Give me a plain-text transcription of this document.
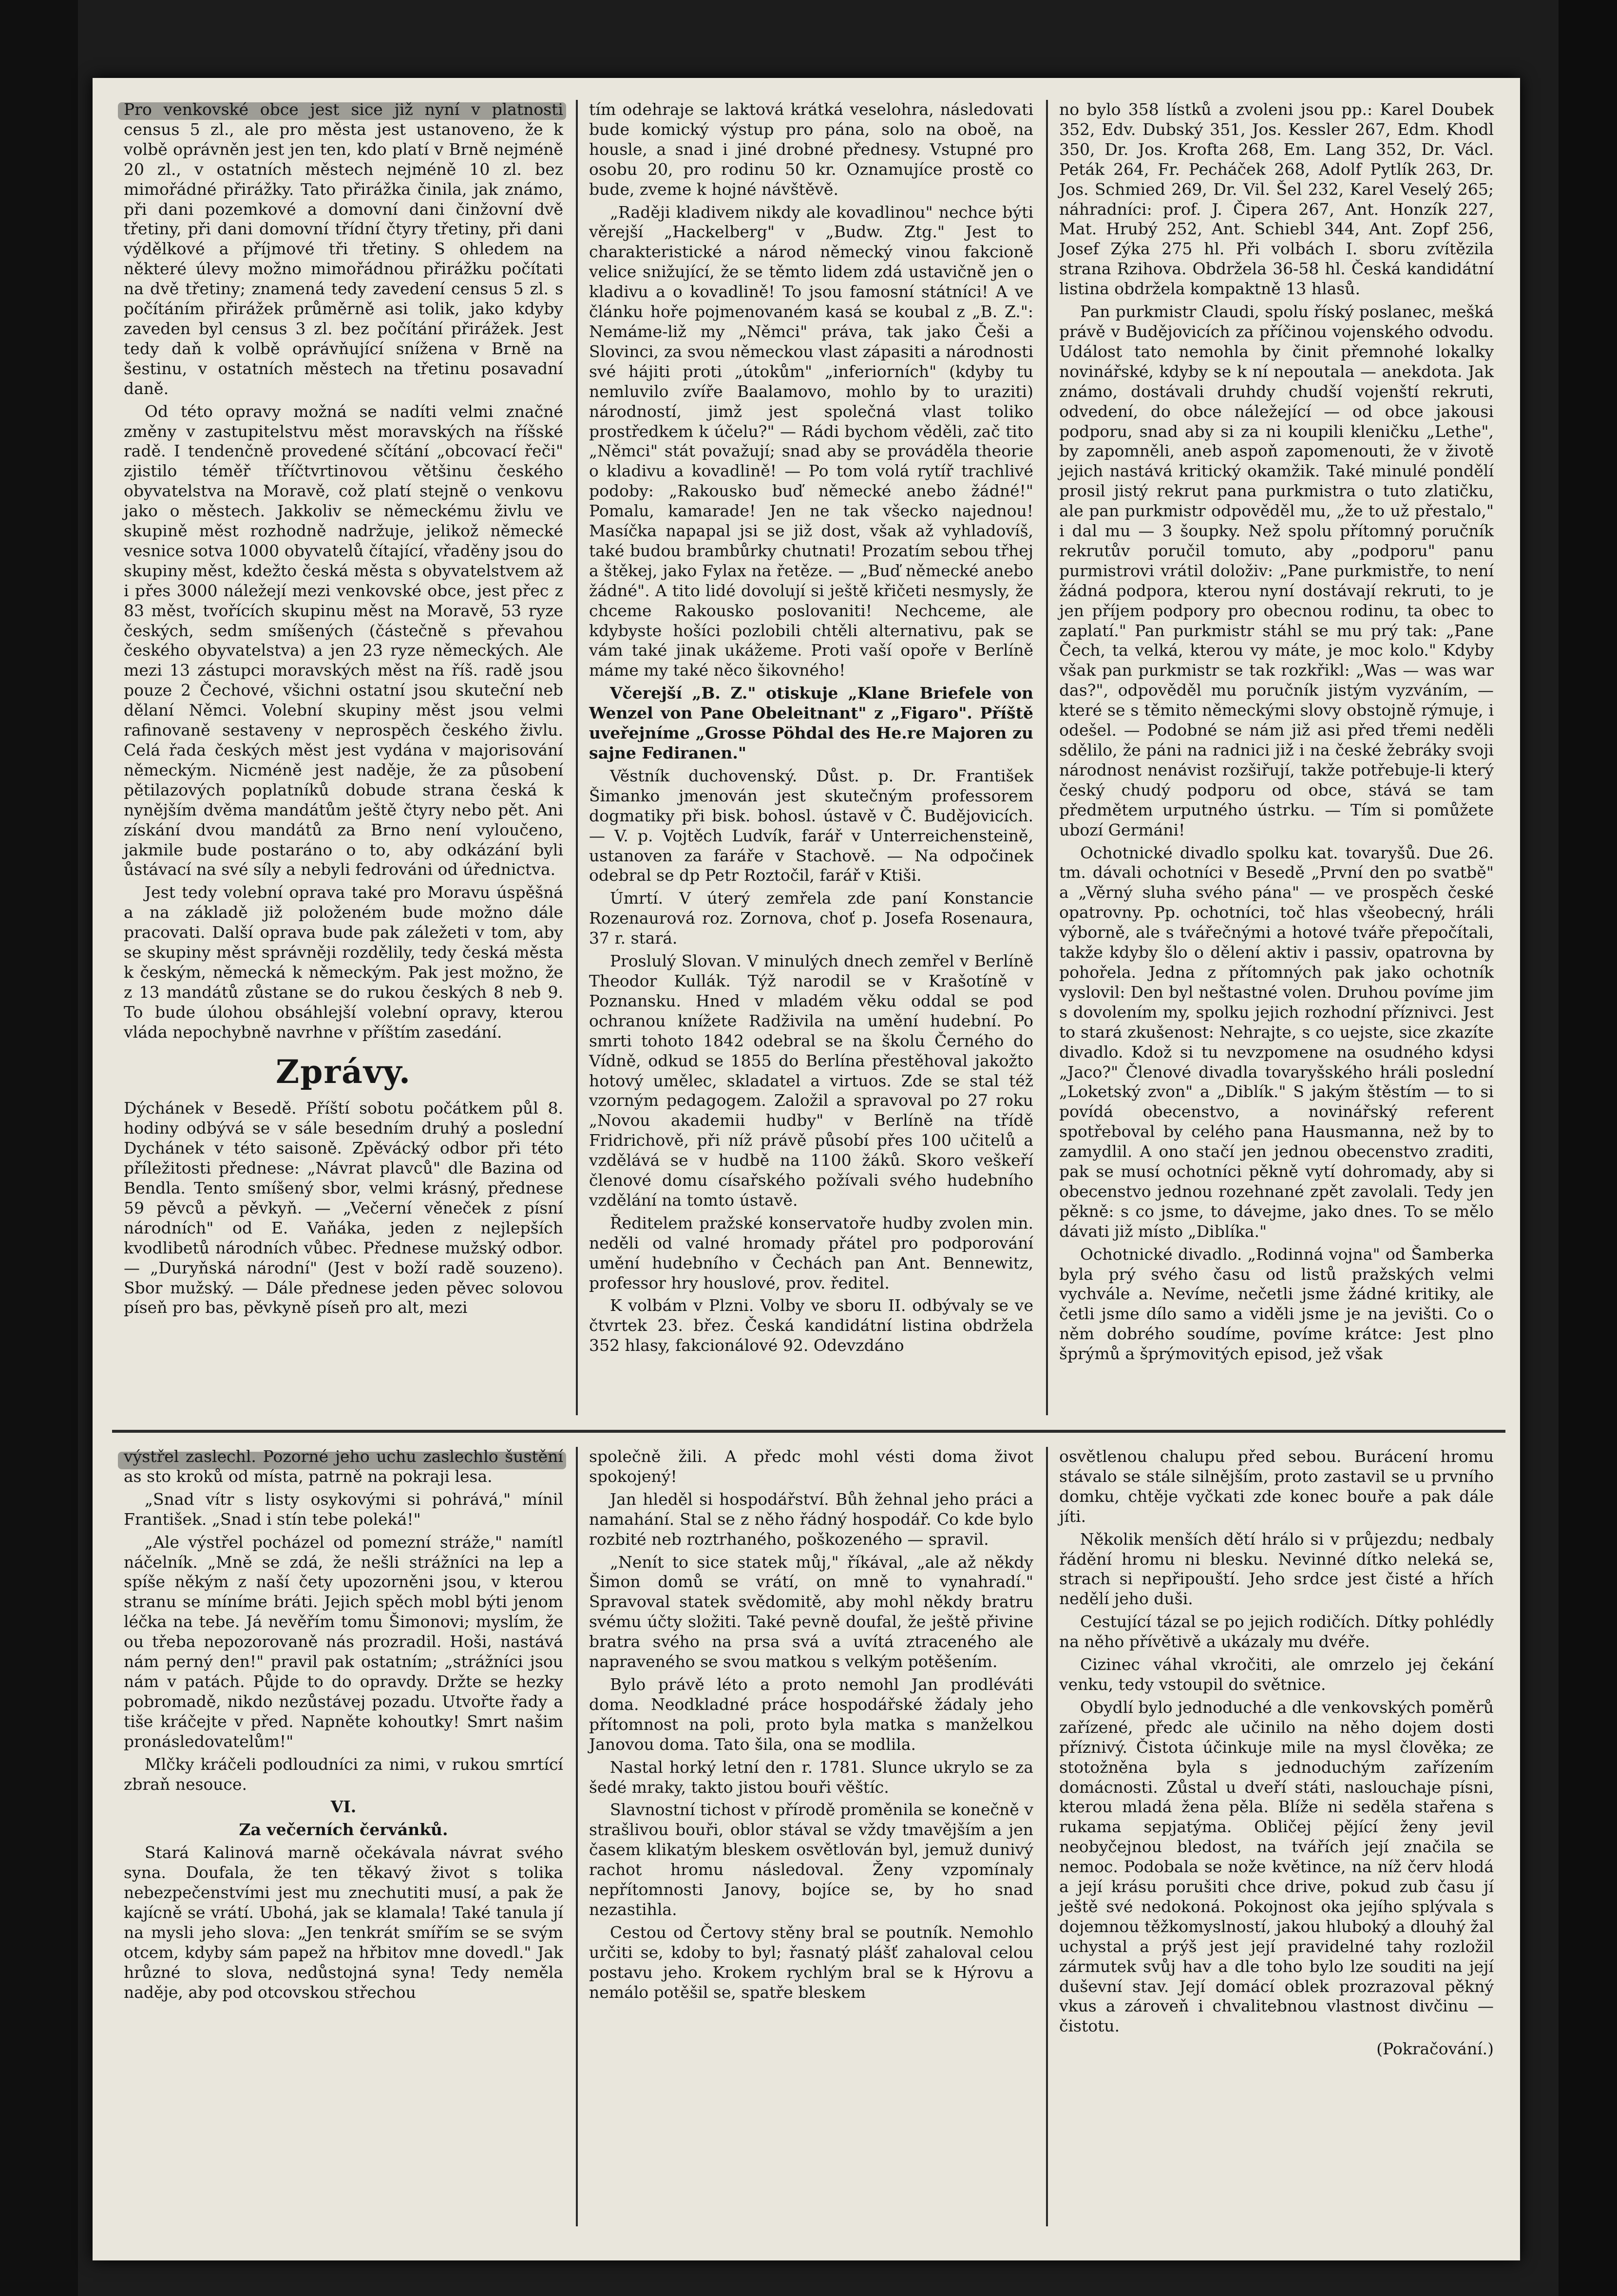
Pro venkovské obce jest sice již nyní v platnosti census 5 zl., ale pro města jest ustanoveno, že k volbě oprávněn jest jen ten, kdo platí v Brně nejméně 20 zl., v ostatních městech nejméně 10 zl. bez mimořádné přirážky. Tato přirážka činila, jak známo, při dani pozemkové a domovní dani činžovní dvě třetiny, při dani domovní třídní čtyry třetiny, při dani výdělkové a příjmové tři třetiny. S ohledem na některé úlevy možno mimořádnou přirážku počítati na dvě třetiny; znamená tedy zavedení census 5 zl. s počítáním přirážek průměrně asi tolik, jako kdyby zaveden byl census 3 zl. bez počítání přirážek. Jest tedy daň k volbě oprávňující snížena v Brně na šestinu, v ostatních městech na třetinu posavadní daně.

Od této opravy možná se nadíti velmi značné změny v zastupitelstvu měst moravských na říšské radě. I tendenčně provedené sčítání „obcovací řeči" zjistilo téměř tříčtvrtinovou většinu českého obyvatelstva na Moravě, což platí stejně o venkovu jako o městech. Jakkoliv se německému živlu ve skupině měst rozhodně nadržuje, jelikož německé vesnice sotva 1000 obyvatelů čítající, vřaděny jsou do skupiny měst, kdežto česká města s obyvatelstvem až i přes 3000 náležejí mezi venkovské obce, jest přec z 83 měst, tvořících skupinu měst na Moravě, 53 ryze českých, sedm smíšených (částečně s převahou českého obyvatelstva) a jen 23 ryze německých. Ale mezi 13 zástupci moravských měst na říš. radě jsou pouze 2 Čechové, všichni ostatní jsou skuteční neb dělaní Němci. Volební skupiny měst jsou velmi rafinovaně sestaveny v neprospěch českého živlu. Celá řada českých měst jest vydána v majorisování německým. Nicméně jest naděje, že za působení pětilazových poplatníků dobude strana česká k nynějším dvěma mandátům ještě čtyry nebo pět. Ani získání dvou mandátů za Brno není vyloučeno, jakmile bude postaráno o to, aby odkázání byli ůstávací na své síly a nebyli fedrováni od úřednictva.

Jest tedy volební oprava také pro Moravu úspěšná a na základě již položeném bude možno dále pracovati. Další oprava bude pak záležeti v tom, aby se skupiny měst správněji rozdělily, tedy česká města k českým, německá k německým. Pak jest možno, že z 13 mandátů zůstane se do rukou českých 8 neb 9. To bude úlohou obsáhlejší volební opravy, kterou vláda nepochybně navrhne v příštím zasedání.

Zprávy.

Dýchánek v Besedě. Příští sobotu počátkem půl 8. hodiny odbývá se v sále besedním druhý a poslední Dychánek v této saisoně. Zpěvácký odbor při této příležitosti přednese: „Návrat plavců" dle Bazina od Bendla. Tento smíšený sbor, velmi krásný, přednese 59 pěvců a pěvkyň. — „Večerní věneček z písní národních" od E. Vaňáka, jeden z nejlepších kvodlibetů národních vůbec. Přednese mužský odbor. — „Duryňská národní" (Jest v boží radě souzeno). Sbor mužský. — Dále přednese jeden pěvec solovou píseň pro bas, pěvkyně píseň pro alt, mezi

tím odehraje se laktová krátká veselohra, následovati bude komický výstup pro pána, solo na oboě, na housle, a snad i jiné drobné přednesy. Vstupné pro osobu 20, pro rodinu 50 kr. Oznamujíce prostě co bude, zveme k hojné návštěvě.

„Raději kladivem nikdy ale kovadlinou" nechce býti věrejší „Hackelberg" v „Budw. Ztg." Jest to charakteristické a národ německý vinou fakcioně velice snižující, že se těmto lidem zdá ustavičně jen o kladivu a o kovadlině! To jsou famosní státníci! A ve článku hoře pojmenovaném kasá se koubal z „B. Z.": Nemáme-liž my „Němci" práva, tak jako Češi a Slovinci, za svou německou vlast zápasiti a národnosti své hájiti proti „útokům" „inferiorních" (kdyby tu nemluvilo zvíře Baalamovo, mohlo by to uraziti) národností, jimž jest společná vlast toliko prostředkem k účelu?" — Rádi bychom věděli, zač tito „Němci" stát považují; snad aby se prováděla theorie o kladivu a kovadlině! — Po tom volá rytíř trachlivé podoby: „Rakousko buď německé anebo žádné!" Pomalu, kamarade! Jen ne tak všecko najednou! Masíčka napapal jsi se již dost, však až vyhladovíš, také budou brambůrky chutnati! Prozatím sebou třhej a štěkej, jako Fylax na řetěze. — „Buď německé anebo žádné". A tito lidé dovolují si ještě křičeti nesmysly, že chceme Rakousko poslovaniti! Nechceme, ale kdybyste hošíci pozlobili chtěli alternativu, pak se vám také jinak ukážeme. Proti vaší opoře v Berlíně máme my také něco šikovného!

Včerejší „B. Z." otiskuje „Klane Briefele von Wenzel von Pane Obeleitnant" z „Figaro". Příště uveřejníme „Grosse Pöhdal des He.re Majoren zu sajne Fediranen."

Věstník duchovenský. Důst. p. Dr. František Šimanko jmenován jest skutečným professorem dogmatiky při bisk. bohosl. ústavě v Č. Budějovicích. — V. p. Vojtěch Ludvík, farář v Unterreichensteině, ustanoven za faráře v Stachově. — Na odpočinek odebral se dp Petr Roztočil, farář v Ktiši.

Úmrtí. V úterý zemřela zde paní Konstancie Rozenaurová roz. Zornova, choť p. Josefa Rosenaura, 37 r. stará.

Proslulý Slovan. V minulých dnech zemřel v Berlíně Theodor Kullák. Týž narodil se v Krašotíně v Poznansku. Hned v mladém věku oddal se pod ochranou knížete Radživila na umění hudební. Po smrti tohoto 1842 odebral se na školu Černého do Vídně, odkud se 1855 do Berlína přestěhoval jakožto hotový umělec, skladatel a virtuos. Zde se stal též vzorným pedagogem. Založil a spravoval po 27 roku „Novou akademii hudby" v Berlíně na třídě Fridrichově, při níž právě působí přes 100 učitelů a vzdělává se v hudbě na 1100 žáků. Skoro veškeří členové domu císařského požívali svého hudebního vzdělání na tomto ústavě.

Ředitelem pražské konservatoře hudby zvolen min. neděli od valné hromady přátel pro podporování umění hudebního v Čechách pan Ant. Bennewitz, professor hry houslové, prov. ředitel.

K volbám v Plzni. Volby ve sboru II. odbývaly se ve čtvrtek 23. břez. Česká kandidátní listina obdržela 352 hlasy, fakcionálové 92. Odevzdáno

no bylo 358 lístků a zvoleni jsou pp.: Karel Doubek 352, Edv. Dubský 351, Jos. Kessler 267, Edm. Khodl 350, Dr. Jos. Krofta 268, Em. Lang 352, Dr. Václ. Peták 264, Fr. Pecháček 268, Adolf Pytlík 263, Dr. Jos. Schmied 269, Dr. Vil. Šel 232, Karel Veselý 265; náhradníci: prof. J. Čipera 267, Ant. Honzík 227, Mat. Hrubý 252, Ant. Schiebl 344, Ant. Zopf 256, Josef Zýka 275 hl. Při volbách I. sboru zvítězila strana Rzihova. Obdržela 36-58 hl. Česká kandidátní listina obdržela kompaktně 13 hlasů.

Pan purkmistr Claudi, spolu říský poslanec, mešká právě v Budějovicích za příčinou vojenského odvodu. Událost tato nemohla by činit přemnohé lokalky novinářské, kdyby se k ní nepoutala — anekdota. Jak známo, dostávali druhdy chudší vojenští rekruti, odvedení, do obce náležející — od obce jakousi podporu, snad aby si za ni koupili kleničku „Lethe", by zapomněli, aneb aspoň zapomenouti, že v životě jejich nastává kritický okamžik. Také minulé pondělí prosil jistý rekrut pana purkmistra o tuto zlatičku, ale pan purkmistr odpověděl mu, „že to už přestalo," i dal mu — 3 šoupky. Než spolu přítomný poručník rekrutův poručil tomuto, aby „podporu" panu purmistrovi vrátil doloživ: „Pane purkmistře, to není žádná podpora, kterou nyní dostávají rekruti, to je jen příjem podpory pro obecnou rodinu, ta obec to zaplatí." Pan purkmistr stáhl se mu prý tak: „Pane Čech, ta velká, kterou vy máte, je moc kolo." Kdyby však pan purkmistr se tak rozkřikl: „Was — was war das?", odpověděl mu poručník jistým vyzváním, — které se s těmito německými slovy obstojně rýmuje, i odešel. — Podobné se nám již asi před třemi neděli sdělilo, že páni na radnici již i na české žebráky svoji národnost nenávist rozšiřují, takže potřebuje-li který český chudý podporu od obce, stává se tam předmětem urputného ústrku. — Tím si pomůžete ubozí Germáni!

Ochotnické divadlo spolku kat. tovaryšů. Due 26. tm. dávali ochotníci v Besedě „První den po svatbě" a „Věrný sluha svého pána" — ve prospěch české opatrovny. Pp. ochotníci, toč hlas všeobecný, hráli výborně, ale s tvářečnými a hotové tváře přepočítali, takže kdyby šlo o dělení aktiv i passiv, opatrovna by pohořela. Jedna z přítomných pak jako ochotník vyslovil: Den byl neštastné volen. Druhou povíme jim s dovolením my, spolku jejich rozhodní příznivci. Jest to stará zkušenost: Nehrajte, s co uejste, sice zkazíte divadlo. Kdož si tu nevzpomene na osudného kdysi „Jaco?" Členové divadla tovaryšského hráli poslední „Loketský zvon" a „Diblík." S jakým štěstím — to si povídá obecenstvo, a novinářský referent spotřeboval by celého pana Hausmanna, než by to zamydlil. A ono stačí jen jednou obecenstvo zraditi, pak se musí ochotníci pěkně vytí dohromady, aby si obecenstvo jednou rozehnané zpět zavolali. Tedy jen pěkně: s co jsme, to dávejme, jako dnes. To se mělo dávati již místo „Diblíka."

Ochotnické divadlo. „Rodinná vojna" od Šamberka byla prý svého času od listů pražských velmi vychvále a. Nevíme, nečetli jsme žádné kritiky, ale četli jsme dílo samo a viděli jsme je na jevišti. Co o něm dobrého soudíme, povíme krátce: Jest plno šprýmů a šprýmovitých episod, jež však

výstřel zaslechl. Pozorné jeho uchu zaslechlo šustění as sto kroků od místa, patrně na pokraji lesa.

„Snad vítr s listy osykovými si pohrává," mínil František. „Snad i stín tebe poleká!"

„Ale výstřel pocházel od pomezní stráže," namítl náčelník. „Mně se zdá, že nešli strážníci na lep a spíše někým z naší čety upozorněni jsou, v kterou stranu se míníme bráti. Jejich spěch mobl býti jenom léčka na tebe. Já nevěřím tomu Šimonovi; myslím, že ou třeba nepozorovaně nás prozradil. Hoši, nastává nám perný den!" pravil pak ostatním; „strážníci jsou nám v patách. Půjde to do opravdy. Držte se hezky pobromadě, nikdo nezůstávej pozadu. Utvořte řady a tiše kráčejte v před. Napněte kohoutky! Smrt našim pronásledovatelům!"

Mlčky kráčeli podloudníci za nimi, v rukou smrtící zbraň nesouce.

VI.

Za večerních červánků.

Stará Kalinová marně očekávala návrat svého syna. Doufala, že ten těkavý život s tolika nebezpečenstvími jest mu znechutiti musí, a pak že kajícně se vrátí. Ubohá, jak se klamala! Také tanula jí na mysli jeho slova: „Jen tenkrát smířím se se svým otcem, kdyby sám papež na hřbitov mne dovedl." Jak hrůzné to slova, nedůstojná syna! Tedy neměla naděje, aby pod otcovskou střechou

společně žili. A předc mohl vésti doma život spokojený!

Jan hleděl si hospodářství. Bůh žehnal jeho práci a namahání. Stal se z něho řádný hospodář. Co kde bylo rozbité neb roztrhaného, poškozeného — spravil.

„Nenít to sice statek můj," říkával, „ale až někdy Šimon domů se vrátí, on mně to vynahradí." Spravoval statek svědomitě, aby mohl někdy bratru svému účty složiti. Také pevně doufal, že ještě přivine bratra svého na prsa svá a uvítá ztraceného ale napraveného se svou matkou s velkým potěšením.

Bylo právě léto a proto nemohl Jan prodléváti doma. Neodkladné práce hospodářské žádaly jeho přítomnost na poli, proto byla matka s manželkou Janovou doma. Tato šila, ona se modlila.

Nastal horký letní den r. 1781. Slunce ukrylo se za šedé mraky, takto jistou bouři věštíc.

Slavnostní tichost v přírodě proměnila se konečně v strašlivou bouři, oblor stával se vždy tmavějším a jen časem klikatým bleskem osvětlován byl, jemuž dunivý rachot hromu následoval. Ženy vzpomínaly nepřítomnosti Janovy, bojíce se, by ho snad nezastihla.

Cestou od Čertovy stěny bral se poutník. Nemohlo určiti se, kdoby to byl; řasnatý plášť zahaloval celou postavu jeho. Krokem rychlým bral se k Hýrovu a nemálo potěšil se, spatře bleskem

osvětlenou chalupu před sebou. Burácení hromu stávalo se stále silnějším, proto zastavil se u prvního domku, chtěje vyčkati zde konec bouře a pak dále jíti.

Několik menších dětí hrálo si v průjezdu; nedbaly řádění hromu ni blesku. Nevinné dítko neleká se, strach si nepřipouští. Jeho srdce jest čisté a hřích nedělí jeho duši.

Cestující tázal se po jejich rodičích. Dítky pohlédly na něho přívětivě a ukázaly mu dvéře.

Cizinec váhal vkročiti, ale omrzelo jej čekání venku, tedy vstoupil do světnice.

Obydlí bylo jednoduché a dle venkovských poměrů zařízené, předc ale učinilo na něho dojem dosti příznivý. Čistota účinkuje mile na mysl člověka; ze stotožněna byla s jednoduchým zařízením domácnosti. Zůstal u dveří státi, naslouchaje písni, kterou mladá žena pěla. Blíže ni seděla stařena s rukama sepjatýma. Obličej pějící ženy jevil neobyčejnou bledost, na tvářích její značila se nemoc. Podobala se nože květince, na níž červ hlodá a její krásu porušiti chce drive, pokud zub času jí ještě své nedokoná. Pokojnost oka jejího splývala s dojemnou těžkomyslností, jakou hluboký a dlouhý žal uchystal a prýš jest její pravidelné tahy rozložil zármutek svůj hav a dle toho bylo lze souditi na její duševní stav. Její domácí oblek prozrazoval pěkný vkus a zároveň i chvalitebnou vlastnost divčinu — čistotu.

(Pokračování.)
